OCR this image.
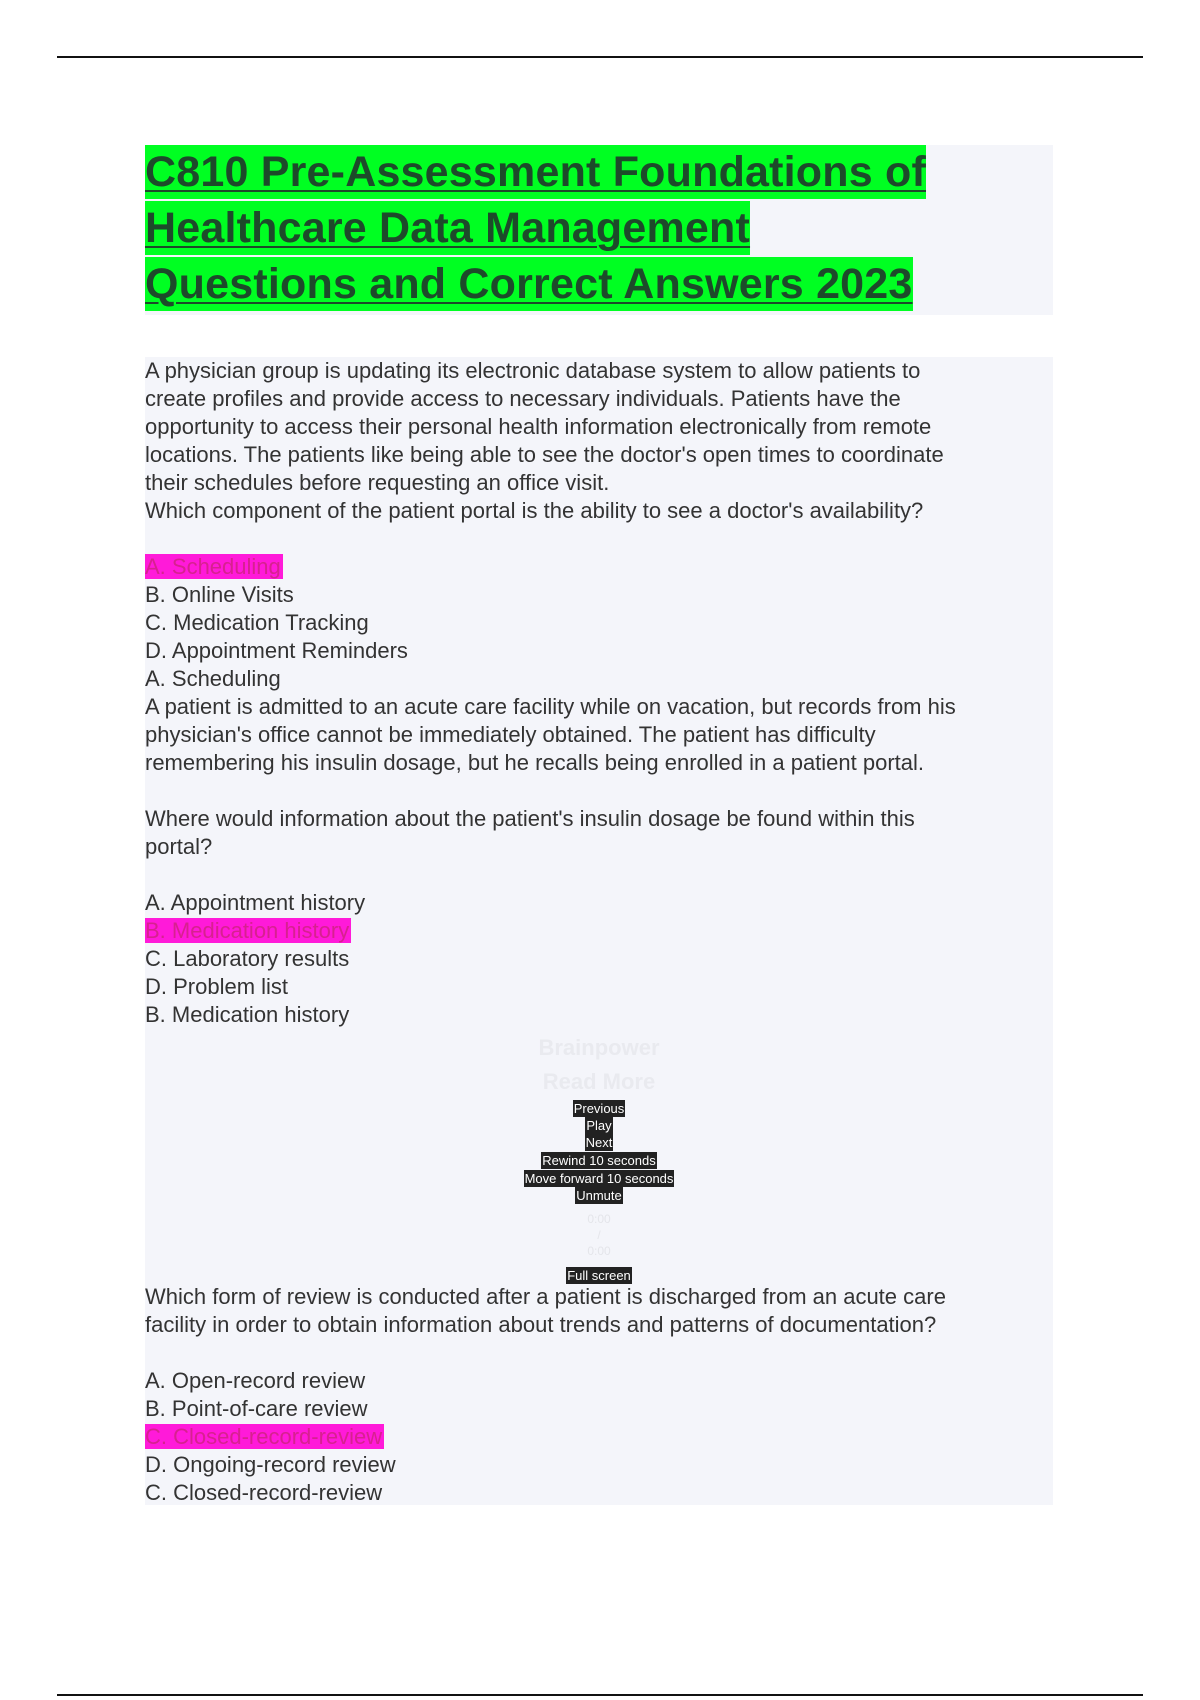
C810 Pre-Assessment Foundations of
Healthcare Data Management
Questions and Correct Answers 2023
A physician group is updating its electronic database system to allow patients to
create profiles and provide access to necessary individuals. Patients have the
opportunity to access their personal health information electronically from remote
locations. The patients like being able to see the doctor's open times to coordinate
their schedules before requesting an office visit.
Which component of the patient portal is the ability to see a doctor's availability?
A. Scheduling
B. Online Visits
C. Medication Tracking
D. Appointment Reminders
A. Scheduling
A patient is admitted to an acute care facility while on vacation, but records from his
physician's office cannot be immediately obtained. The patient has difficulty
remembering his insulin dosage, but he recalls being enrolled in a patient portal.
Where would information about the patient's insulin dosage be found within this
portal?
A. Appointment history
B. Medication history
C. Laboratory results
D. Problem list
B. Medication history
Brainpower
Read More
Previous
Play
Next
Rewind 10 seconds
Move forward 10 seconds
Unmute
0:00
/
0:00
Full screen
Which form of review is conducted after a patient is discharged from an acute care
facility in order to obtain information about trends and patterns of documentation?
A. Open-record review
B. Point-of-care review
C. Closed-record-review
D. Ongoing-record review
C. Closed-record-review
